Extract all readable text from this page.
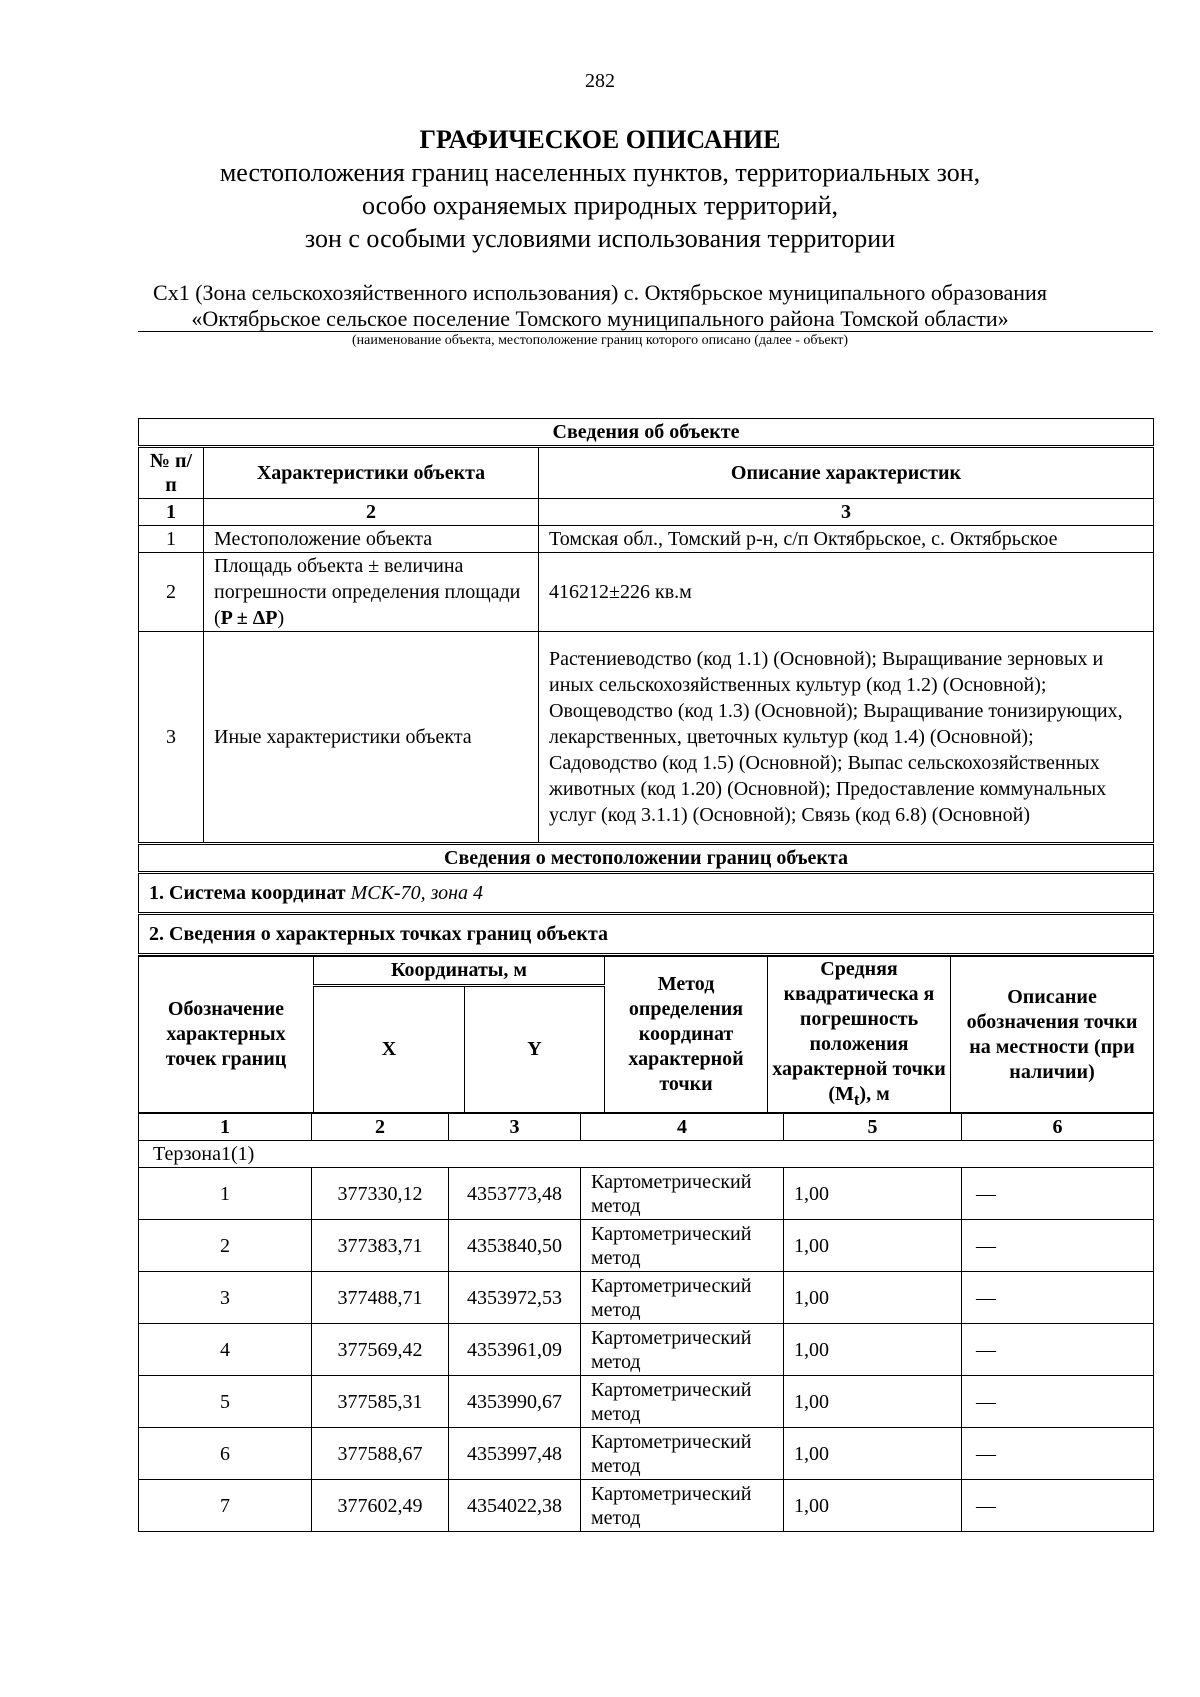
282
ГРАФИЧЕСКОЕ ОПИСАНИЕ
местоположения границ населенных пунктов, территориальных зон,
особо охраняемых природных территорий,
зон с особыми условиями использования территории
Сх1 (Зона сельскохозяйственного использования) с. Октябрьское муниципального образования
«Октябрьское сельское поселение Томского муниципального района Томской области»
(наименование объекта, местоположение границ которого описано (далее - объект)
Сведения об объекте		
№ п/п	Характеристики объекта	Описание характеристик
1	2	3
1	Местоположение объекта	Томская обл., Томский р-н, с/п Октябрьское, с. Октябрьское
2	Площадь объекта ± величина погрешности определения площади (P ± ΔP)	416212±226 кв.м
3	Иные характеристики объекта	Растениеводство (код 1.1) (Основной); Выращивание зерновых и иных сельскохозяйственных культур (код 1.2) (Основной); Овощеводство (код 1.3) (Основной); Выращивание тонизирующих, лекарственных, цветочных культур (код 1.4) (Основной); Садоводство (код 1.5) (Основной); Выпас сельскохозяйственных животных (код 1.20) (Основной); Предоставление коммунальных услуг (код 3.1.1) (Основной); Связь (код 6.8) (Основной)
Сведения о местоположении границ объекта		
1. Система координат МСК-70, зона 4		
2. Сведения о характерных точках границ объекта		
Обозначение характерных точек границ	Координаты, м		Метод определения координат характерной точки	Средняя квадратическа я погрешность положения характерной точки $(M_t)$, м	Описание обозначения точки на местности (при наличии)
	X	Y			
1	2	3	4	5	6
Терзона1(1)					
1	377330,12	4353773,48	Картометрический метод	1,00	—
2	377383,71	4353840,50	Картометрический метод	1,00	—
3	377488,71	4353972,53	Картометрический метод	1,00	—
4	377569,42	4353961,09	Картометрический метод	1,00	—
5	377585,31	4353990,67	Картометрический метод	1,00	—
6	377588,67	4353997,48	Картометрический метод	1,00	—
7	377602,49	4354022,38	Картометрический метод	1,00	—
